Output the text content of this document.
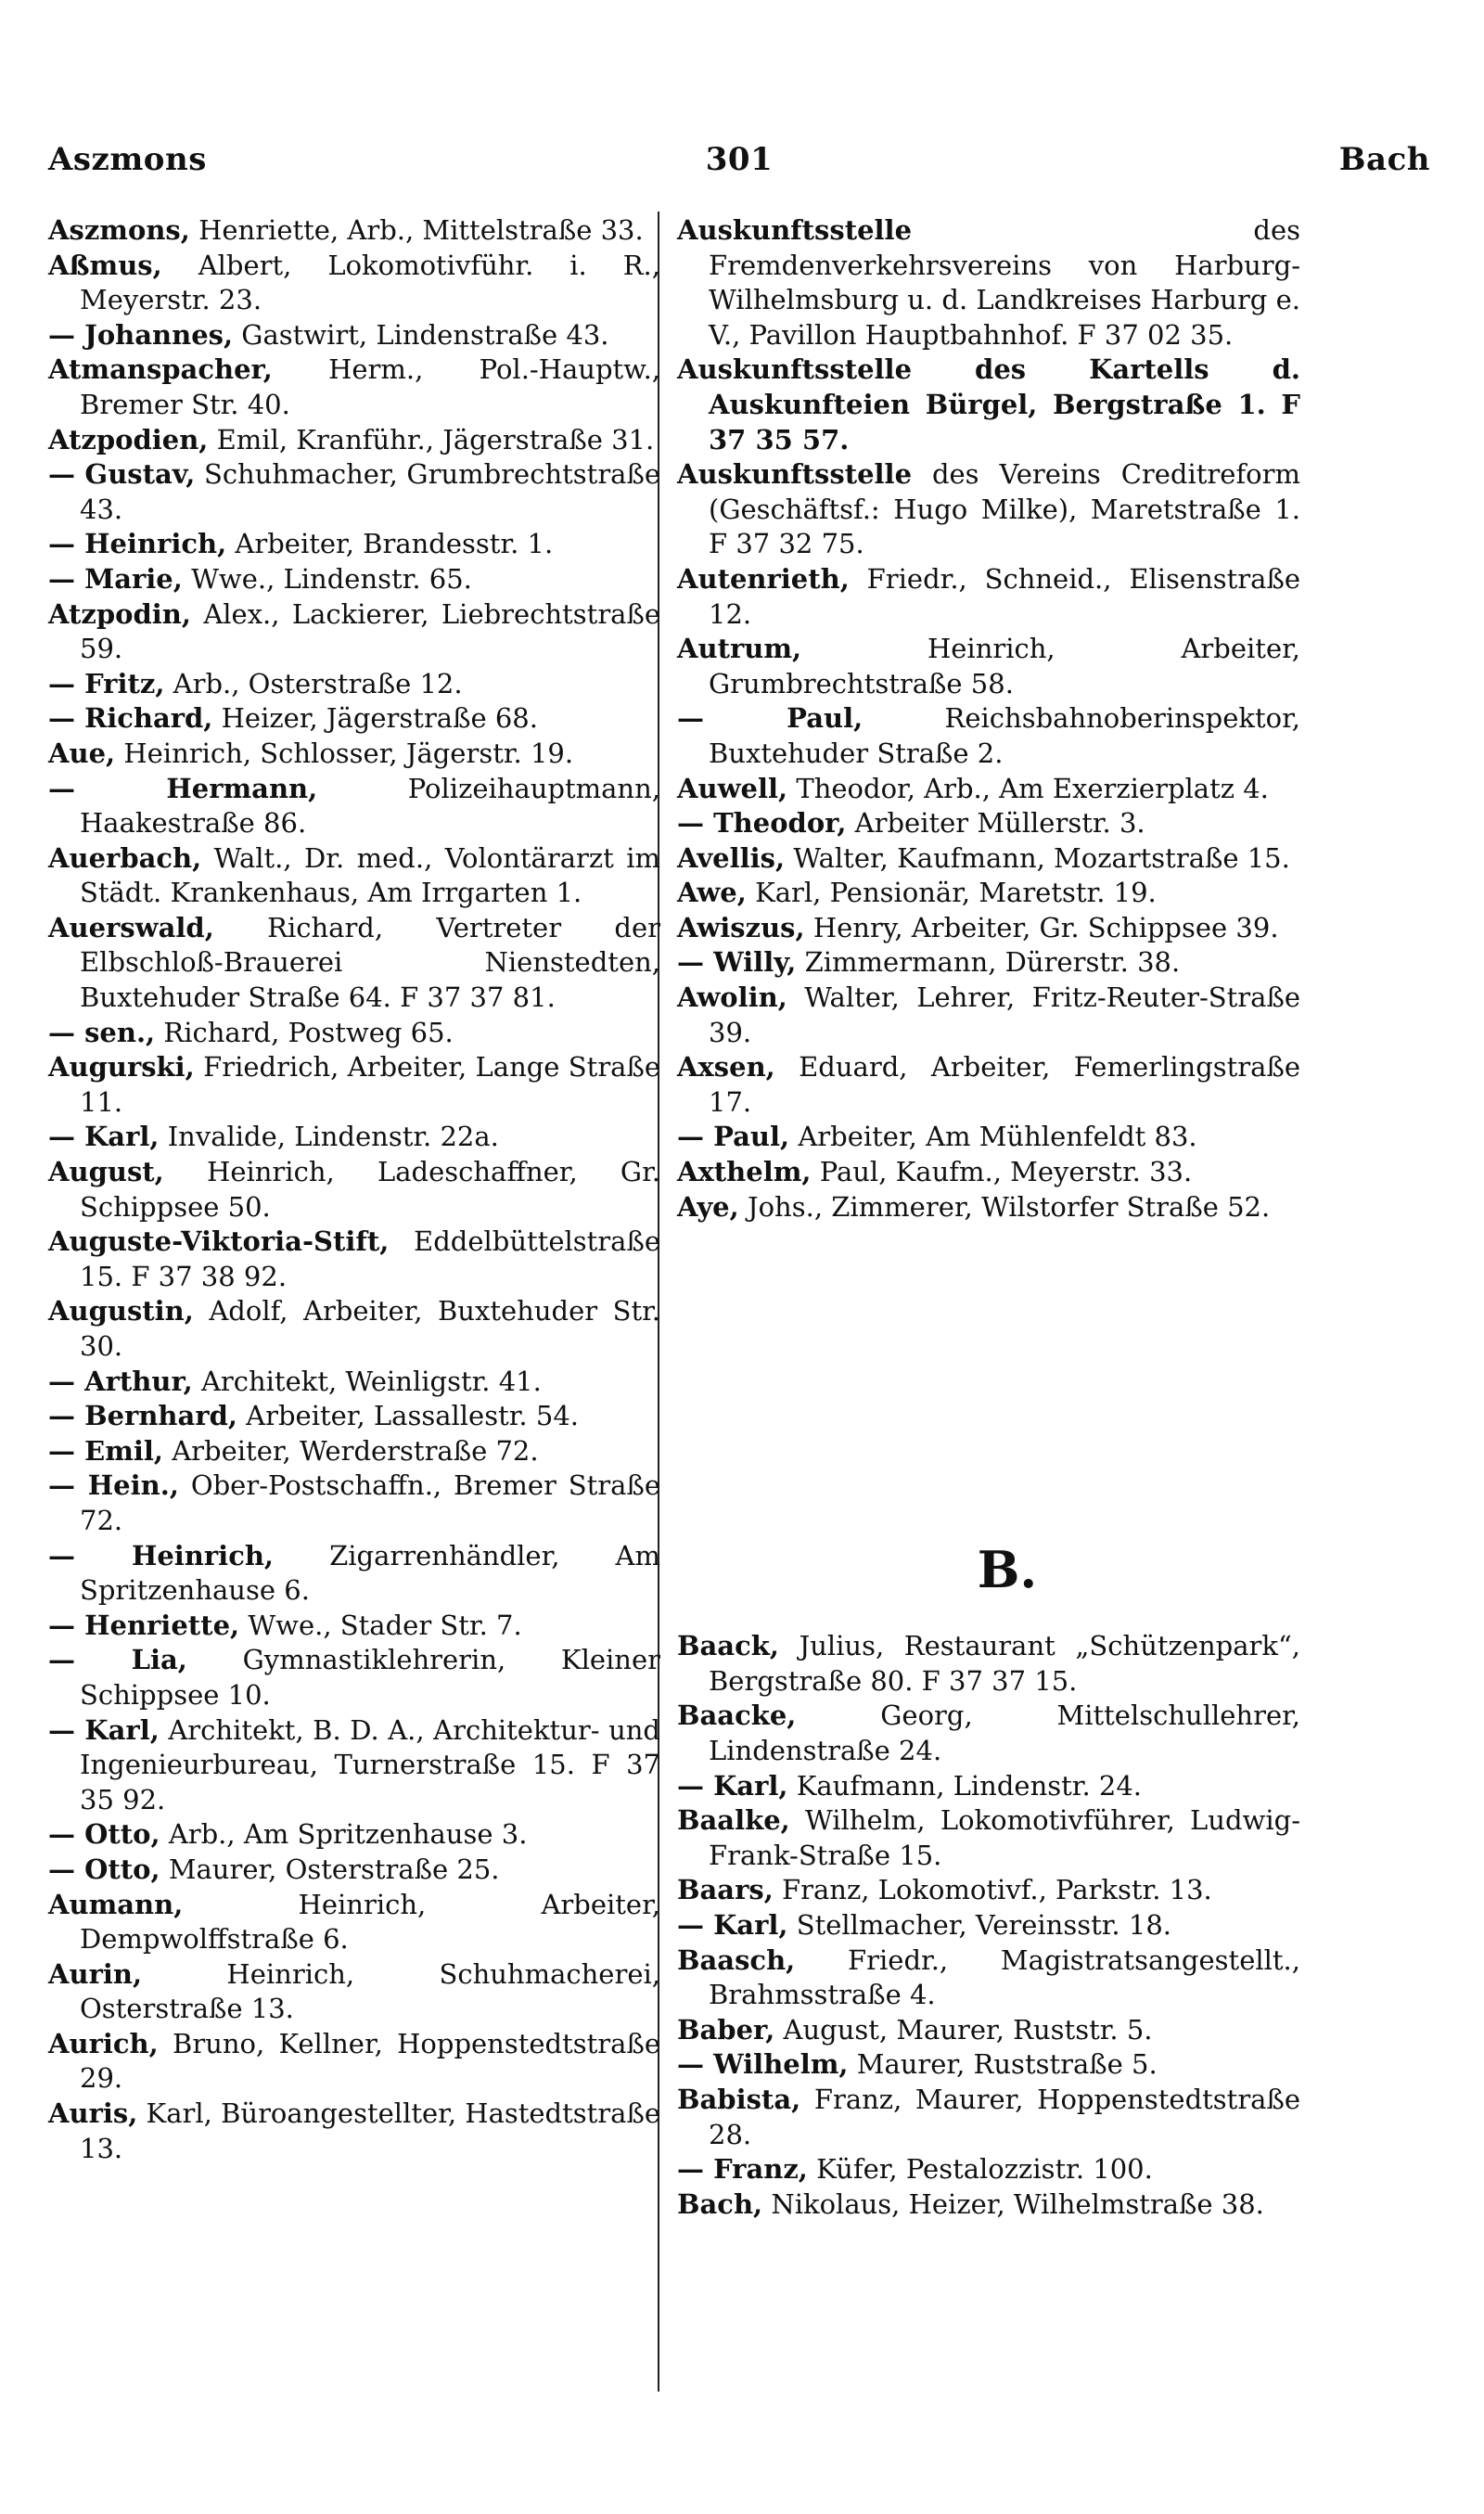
Aszmons	301	Bach
Aszmons, Henriette, Arb., Mittelstraße 33.
Aßmus, Albert, Lokomotivführ. i. R., Meyerstr. 23.
— Johannes, Gastwirt, Lindenstraße 43.
Atmanspacher, Herm., Pol.-Hauptw., Bremer Str. 40.
Atzpodien, Emil, Kranführ., Jägerstraße 31.
— Gustav, Schuhmacher, Grumbrechtstraße 43.
— Heinrich, Arbeiter, Brandesstr. 1.
— Marie, Wwe., Lindenstr. 65.
Atzpodin, Alex., Lackierer, Liebrechtstraße 59.
— Fritz, Arb., Osterstraße 12.
— Richard, Heizer, Jägerstraße 68.
Aue, Heinrich, Schlosser, Jägerstr. 19.
— Hermann,	Polizeihauptmann, Haakestraße 86.
Auerbach, Walt., Dr. med., Volontärarzt im Städt. Krankenhaus, Am Irrgarten 1.
Auerswald, Richard, Vertreter der Elbschloß-Brauerei Nienstedten, Buxtehuder Straße 64. F 37 37 81.
— sen., Richard, Postweg 65.
Augurski, Friedrich, Arbeiter, Lange Straße 11.
— Karl, Invalide, Lindenstr. 22a.
August, Heinrich, Ladeschaffner, Gr. Schippsee 50.
Auguste-Viktoria-Stift, Eddelbüttelstraße 15. F 37 38 92.
Augustin, Adolf, Arbeiter, Buxtehuder Str. 30.
— Arthur, Architekt, Weinligstr. 41.
— Bernhard, Arbeiter, Lassallestr. 54.
— Emil, Arbeiter, Werderstraße 72.
— Hein., Ober-Postschaffn., Bremer Straße 72.
— Heinrich, Zigarrenhändler, Am Spritzenhause 6.
— Henriette, Wwe., Stader Str. 7.
— Lia, Gymnastiklehrerin, Kleiner Schippsee 10.
— Karl, Architekt, B. D. A., Architektur- und Ingenieurbureau, Turnerstraße 15. F 37 35 92.
— Otto, Arb., Am Spritzenhause 3.
— Otto, Maurer, Osterstraße 25.
Aumann,	Heinrich, Arbeiter, Dempwolffstraße 6.
Aurin,	Heinrich, Schuhmacherei, Osterstraße 13.
Aurich, Bruno, Kellner, Hoppenstedtstraße 29.
Auris, Karl, Büroangestellter, Hastedtstraße 13.
Auskunftsstelle	des Fremdenverkehrsvereins von Harburg-Wilhelmsburg u. d. Landkreises Harburg e. V., Pavillon Hauptbahnhof. F 37 02 35.
Auskunftsstelle des Kartells d. Auskunfteien Bürgel, Bergstraße 1. F 37 35 57.
Auskunftsstelle des Vereins Creditreform (Geschäftsf.: Hugo Milke), Maretstraße 1. F 37 32 75.
Autenrieth, Friedr., Schneid., Elisenstraße 12.
Autrum,	Heinrich, Arbeiter, Grumbrechtstraße 58.
— Paul,	Reichsbahnoberinspektor, Buxtehuder Straße 2.
Auwell, Theodor, Arb., Am Exerzierplatz 4.
— Theodor, Arbeiter Müllerstr. 3.
Avellis, Walter, Kaufmann, Mozartstraße 15.
Awe, Karl, Pensionär, Maretstr. 19.
Awiszus, Henry, Arbeiter, Gr. Schippsee 39.
— Willy, Zimmermann, Dürerstr. 38.
Awolin, Walter, Lehrer, Fritz-Reuter-Straße 39.
Axsen, Eduard, Arbeiter, Femerlingstraße 17.
— Paul, Arbeiter, Am Mühlenfeldt 83.
Axthelm, Paul, Kaufm., Meyerstr. 33.
Aye, Johs., Zimmerer, Wilstorfer Straße 52.
B.
Baack, Julius, Restaurant „Schützenpark“, Bergstraße 80. F 37 37 15.
Baacke,	Georg, Mittelschullehrer, Lindenstraße 24.
— Karl, Kaufmann, Lindenstr. 24.
Baalke, Wilhelm, Lokomotivführer, Ludwig-Frank-Straße 15.
Baars, Franz, Lokomotivf., Parkstr. 13.
— Karl, Stellmacher, Vereinsstr. 18.
Baasch, Friedr., Magistratsangestellt., Brahmsstraße 4.
Baber, August, Maurer, Ruststr. 5.
— Wilhelm, Maurer, Ruststraße 5.
Babista, Franz, Maurer, Hoppenstedtstraße 28.
— Franz, Küfer, Pestalozzistr. 100.
Bach, Nikolaus, Heizer, Wilhelmstraße 38.
